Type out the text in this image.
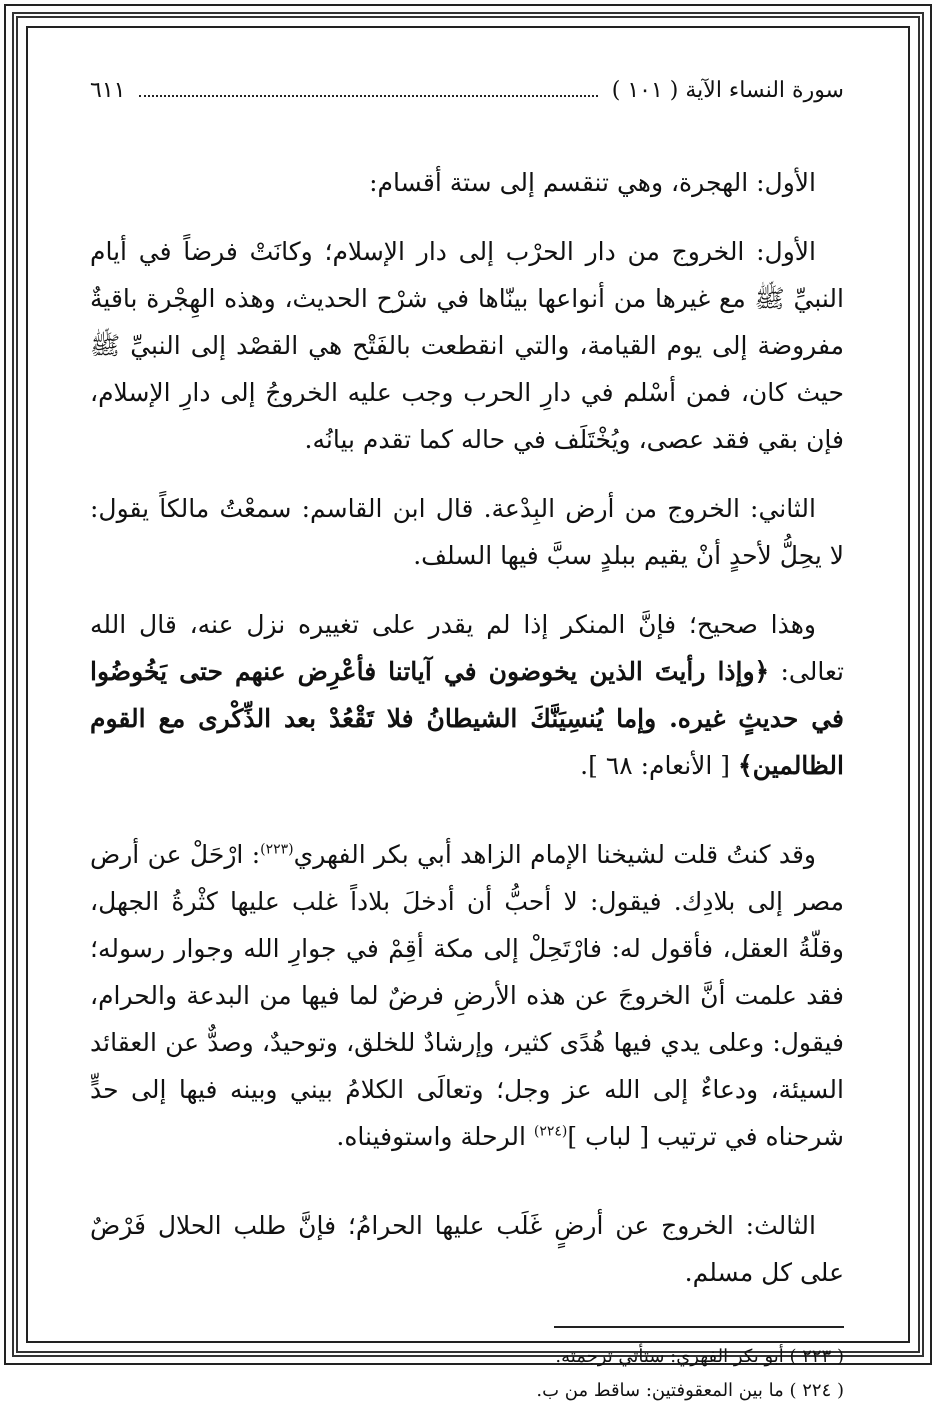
سورة النساء الآية ( ١٠١ )
٦١١

الأول: الهجرة، وهي تنقسم إلى ستة أقسام:

الأول: الخروج من دار الحرْب إلى دار الإسلام؛ وكانَتْ فرضاً في أيام النبيِّ ﷺ مع غيرها من أنواعها بينّاها في شرْح الحديث، وهذه الهِجْرة باقيةٌ مفروضة إلى يوم القيامة، والتي انقطعت بالفَتْح هي القصْد إلى النبيِّ ﷺ حيث كان، فمن أسْلم في دارِ الحرب وجب عليه الخروجُ إلى دارِ الإسلام، فإن بقي فقد عصى، ويُخْتَلَف في حاله كما تقدم بيانُه.

الثاني: الخروج من أرض البِدْعة. قال ابن القاسم: سمعْتُ مالكاً يقول: لا يحِلُّ لأحدٍ أنْ يقيم ببلدٍ سبَّ فيها السلف.

وهذا صحيح؛ فإنَّ المنكر إذا لم يقدر على تغييره نزل عنه، قال الله تعالى: ﴿وإذا رأيتَ الذين يخوضون في آياتنا فأعْرِض عنهم حتى يَخُوضُوا في حديثٍ غيره. وإما يُنسِيَنَّكَ الشيطانُ فلا تَقْعُدْ بعد الذِّكْرى مع القوم الظالمين﴾ [ الأنعام: ٦٨ ].

وقد كنتُ قلت لشيخنا الإمام الزاهد أبي بكر الفهري$^{(٢٢٣)}$: ارْحَلْ عن أرض مصر إلى بلادِك. فيقول: لا أحبُّ أن أدخلَ بلاداً غلب عليها كثْرةُ الجهل، وقلّةُ العقل، فأقول له: فارْتَحِلْ إلى مكة أقِمْ في جوارِ الله وجوار رسوله؛ فقد علمت أنَّ الخروجَ عن هذه الأرضِ فرضٌ لما فيها من البدعة والحرام، فيقول: وعلى يدي فيها هُدًى كثير، وإرشادٌ للخلق، وتوحيدٌ، وصدٌّ عن العقائد السيئة، ودعاءٌ إلى الله عز وجل؛ وتعالَى الكلامُ بيني وبينه فيها إلى حدٍّ شرحناه في ترتيب [ لباب ]$^{(٢٢٤)}$ الرحلة واستوفيناه.

الثالث: الخروج عن أرضٍ غَلَب عليها الحرامُ؛ فإنَّ طلب الحلال فَرْضٌ على كل مسلم.

( ٢٢٣ ) أبو بكر الفهري: ستأتي ترجمته.

( ٢٢٤ ) ما بين المعقوفتين: ساقط من ب.
